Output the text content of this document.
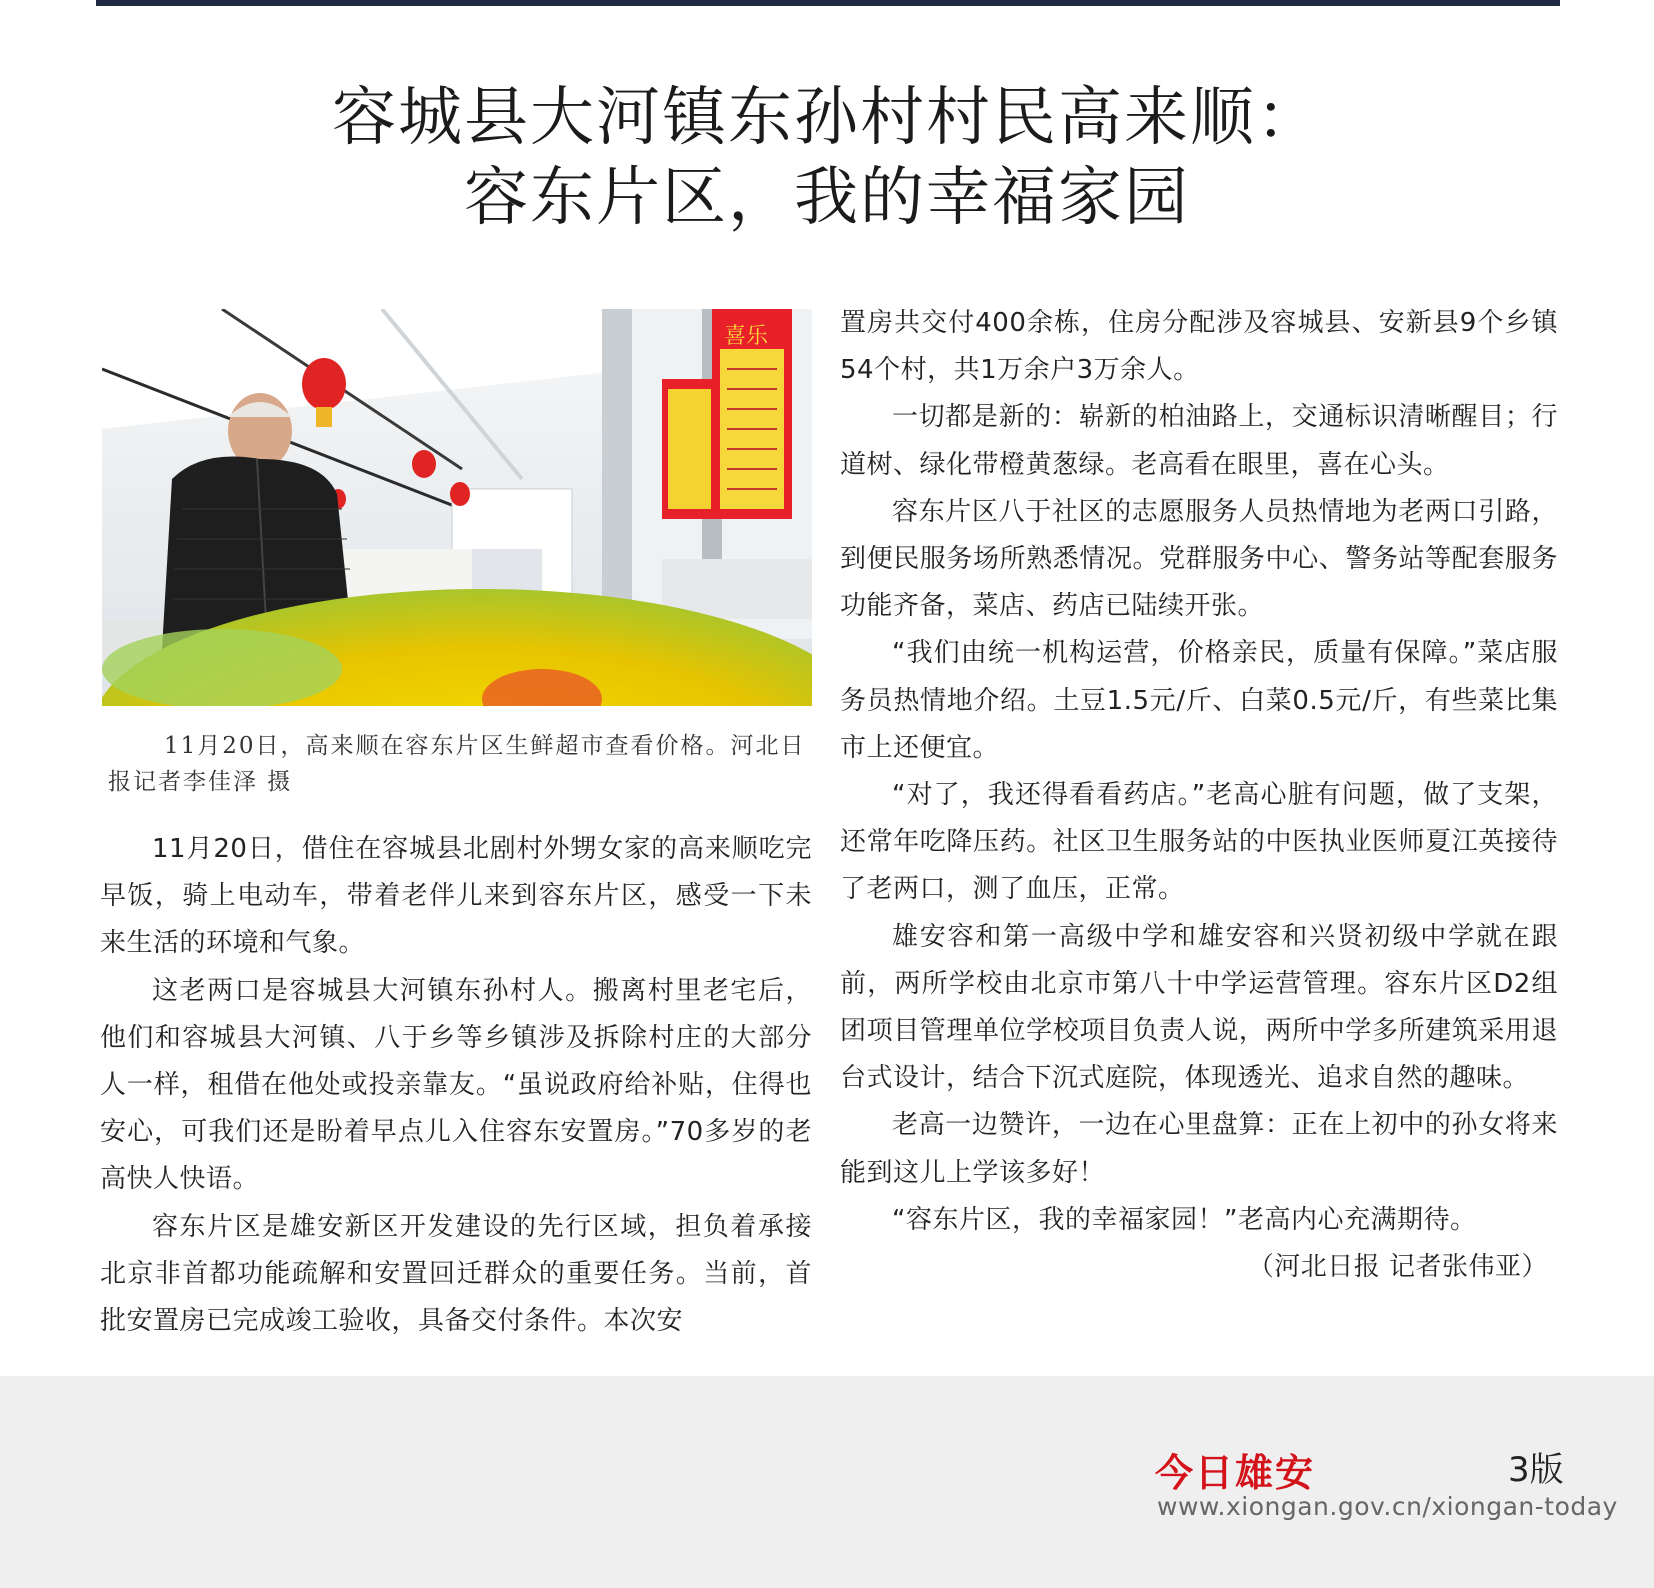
容城县大河镇东孙村村民高来顺：
容东片区，我的幸福家园
喜乐
11月20日，高来顺在容东片区生鲜超市查看价格。河北日报记者李佳泽 摄

11月20日，借住在容城县北剧村外甥女家的高来顺吃完早饭，骑上电动车，带着老伴儿来到容东片区，感受一下未来生活的环境和气象。

这老两口是容城县大河镇东孙村人。搬离村里老宅后，他们和容城县大河镇、八于乡等乡镇涉及拆除村庄的大部分人一样，租借在他处或投亲靠友。“虽说政府给补贴，住得也安心，可我们还是盼着早点儿入住容东安置房。”70多岁的老高快人快语。

容东片区是雄安新区开发建设的先行区域，担负着承接北京非首都功能疏解和安置回迁群众的重要任务。当前，首批安置房已完成竣工验收，具备交付条件。本次安

置房共交付400余栋，住房分配涉及容城县、安新县9个乡镇54个村，共1万余户3万余人。

一切都是新的：崭新的柏油路上，交通标识清晰醒目；行道树、绿化带橙黄葱绿。老高看在眼里，喜在心头。

容东片区八于社区的志愿服务人员热情地为老两口引路，到便民服务场所熟悉情况。党群服务中心、警务站等配套服务功能齐备，菜店、药店已陆续开张。

“我们由统一机构运营，价格亲民，质量有保障。”菜店服务员热情地介绍。土豆1.5元/斤、白菜0.5元/斤，有些菜比集市上还便宜。

“对了，我还得看看药店。”老高心脏有问题，做了支架，还常年吃降压药。社区卫生服务站的中医执业医师夏江英接待了老两口，测了血压，正常。

雄安容和第一高级中学和雄安容和兴贤初级中学就在跟前，两所学校由北京市第八十中学运营管理。容东片区D2组团项目管理单位学校项目负责人说，两所中学多所建筑采用退台式设计，结合下沉式庭院，体现透光、追求自然的趣味。

老高一边赞许，一边在心里盘算：正在上初中的孙女将来能到这儿上学该多好！

“容东片区，我的幸福家园！”老高内心充满期待。

（河北日报 记者张伟亚）
今日雄安	3版
www.xiongan.gov.cn/xiongan-today
